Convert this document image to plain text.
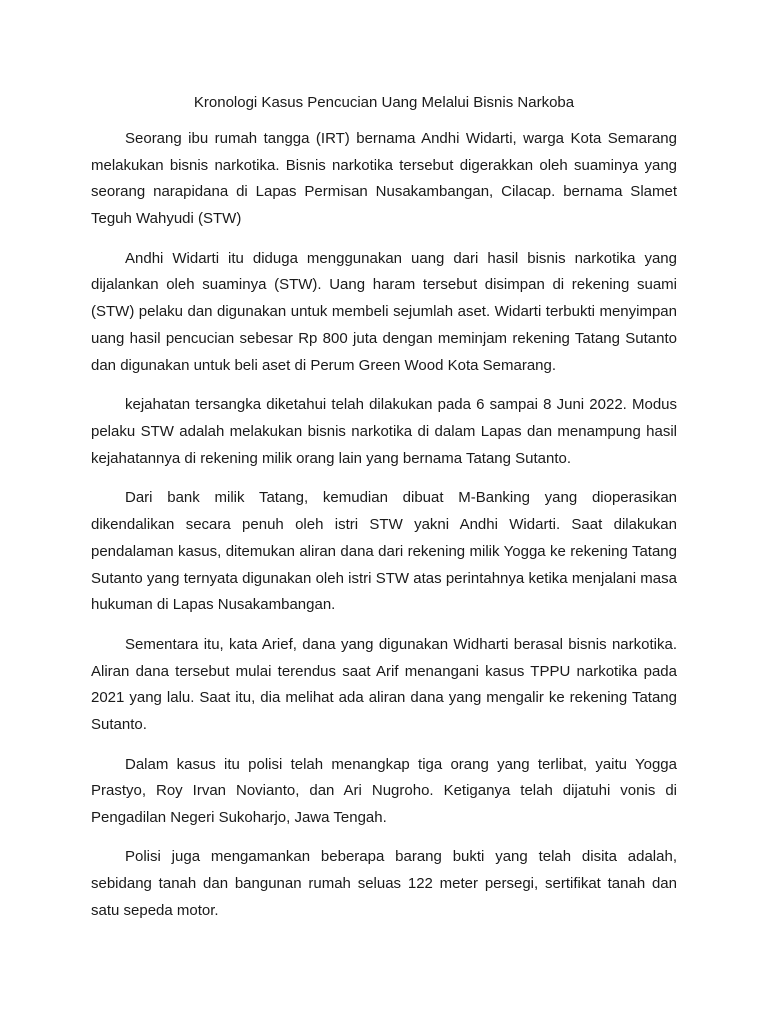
Kronologi Kasus Pencucian Uang Melalui Bisnis Narkoba

Seorang ibu rumah tangga (IRT) bernama Andhi Widarti, warga Kota Semarang melakukan bisnis narkotika. Bisnis narkotika tersebut digerakkan oleh suaminya yang seorang narapidana di Lapas Permisan Nusakambangan, Cilacap. bernama Slamet Teguh Wahyudi (STW)

Andhi Widarti itu diduga menggunakan uang dari hasil bisnis narkotika yang dijalankan oleh suaminya (STW). Uang haram tersebut disimpan di rekening suami (STW) pelaku dan digunakan untuk membeli sejumlah aset. Widarti terbukti menyimpan uang hasil pencucian sebesar Rp 800 juta dengan meminjam rekening Tatang Sutanto dan digunakan untuk beli aset di Perum Green Wood Kota Semarang.

kejahatan tersangka diketahui telah dilakukan pada 6 sampai 8 Juni 2022. Modus pelaku STW adalah melakukan bisnis narkotika di dalam Lapas dan menampung hasil kejahatannya di rekening milik orang lain yang bernama Tatang Sutanto.

Dari bank milik Tatang, kemudian dibuat M-Banking yang dioperasikan dikendalikan secara penuh oleh istri STW yakni Andhi Widarti. Saat dilakukan pendalaman kasus, ditemukan aliran dana dari rekening milik Yogga ke rekening Tatang Sutanto yang ternyata digunakan oleh istri STW atas perintahnya ketika menjalani masa hukuman di Lapas Nusakambangan.

Sementara itu, kata Arief, dana yang digunakan Widharti berasal bisnis narkotika. Aliran dana tersebut mulai terendus saat Arif menangani kasus TPPU narkotika pada 2021 yang lalu. Saat itu, dia melihat ada aliran dana yang mengalir ke rekening Tatang Sutanto.

Dalam kasus itu polisi telah menangkap tiga orang yang terlibat, yaitu Yogga Prastyo, Roy Irvan Novianto, dan Ari Nugroho. Ketiganya telah dijatuhi vonis di Pengadilan Negeri Sukoharjo, Jawa Tengah.

Polisi juga mengamankan beberapa barang bukti yang telah disita adalah, sebidang tanah dan bangunan rumah seluas 122 meter persegi, sertifikat tanah dan satu sepeda motor.
